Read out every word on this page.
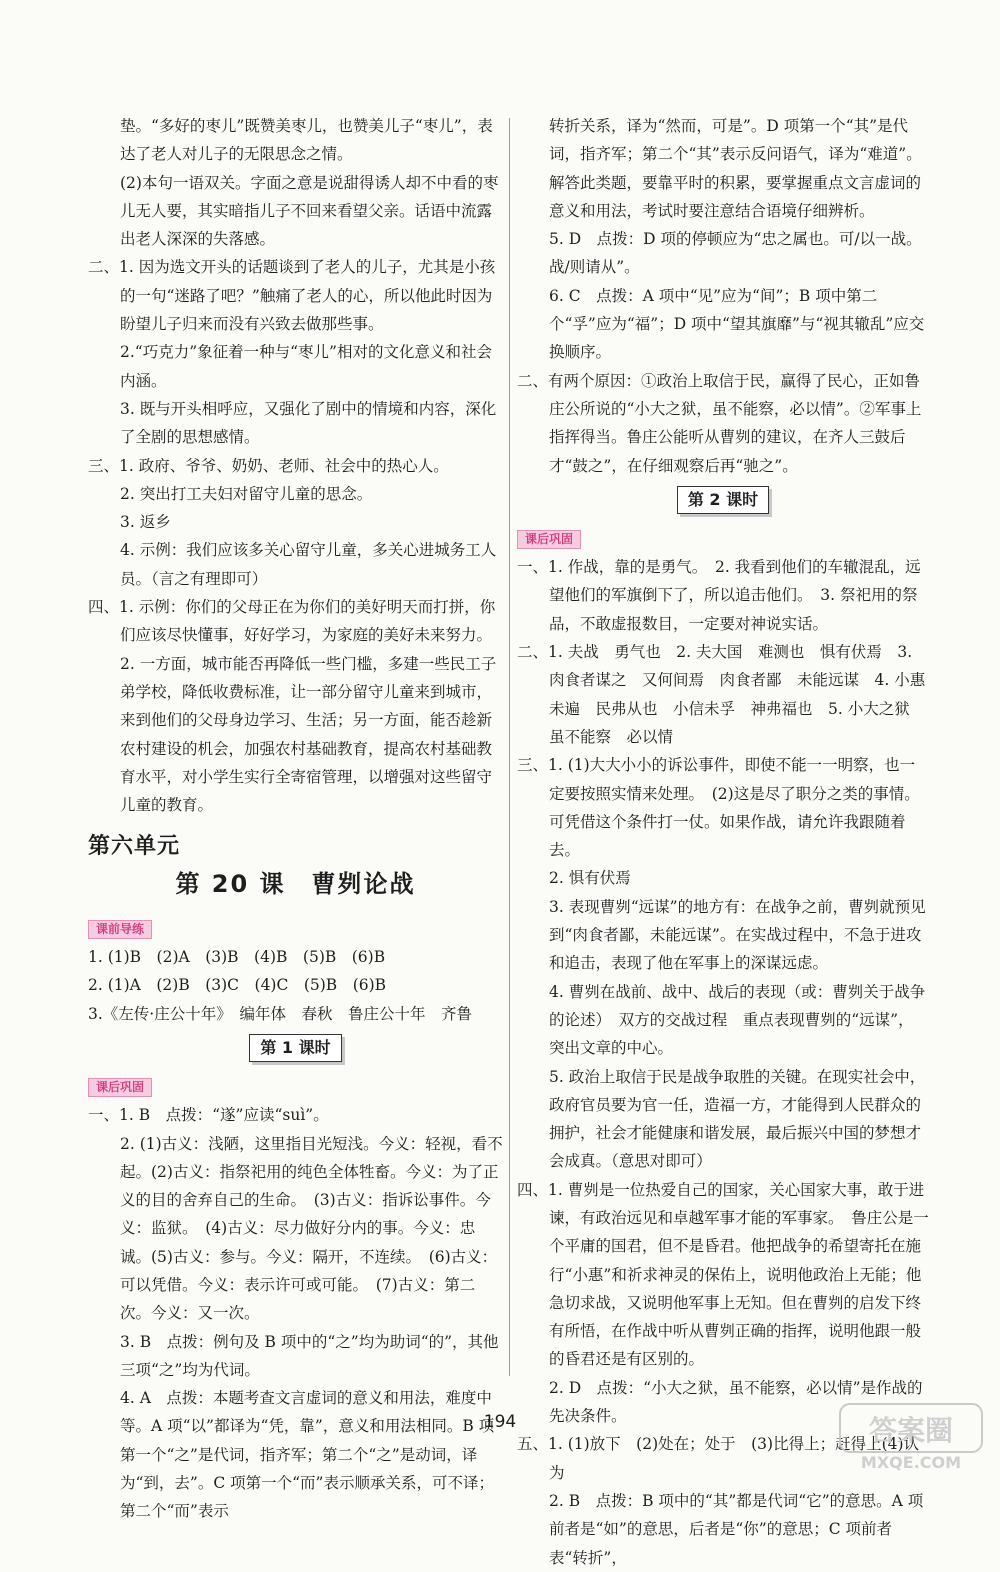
垫。“多好的枣儿”既赞美枣儿，也赞美儿子“枣儿”，表达了老人对儿子的无限思念之情。

(2)本句一语双关。字面之意是说甜得诱人却不中看的枣儿无人要，其实暗指儿子不回来看望父亲。话语中流露出老人深深的失落感。

二、1. 因为选文开头的话题谈到了老人的儿子，尤其是小孩的一句“迷路了吧？”触痛了老人的心，所以他此时因为盼望儿子归来而没有兴致去做那些事。

2.“巧克力”象征着一种与“枣儿”相对的文化意义和社会内涵。

3. 既与开头相呼应，又强化了剧中的情境和内容，深化了全剧的思想感情。

三、1. 政府、爷爷、奶奶、老师、社会中的热心人。

2. 突出打工夫妇对留守儿童的思念。

3. 返乡

4. 示例：我们应该多关心留守儿童，多关心进城务工人员。（言之有理即可）

四、1. 示例：你们的父母正在为你们的美好明天而打拼，你们应该尽快懂事，好好学习，为家庭的美好未来努力。

2. 一方面，城市能否再降低一些门槛，多建一些民工子弟学校，降低收费标准，让一部分留守儿童来到城市，来到他们的父母身边学习、生活；另一方面，能否趁新农村建设的机会，加强农村基础教育，提高农村基础教育水平，对小学生实行全寄宿管理，以增强对这些留守儿童的教育。

第六单元
第 20 课　曹刿论战
课前导练

1. (1)B　(2)A　(3)B　(4)B　(5)B　(6)B

2. (1)A　(2)B　(3)C　(4)C　(5)B　(6)B

3.《左传·庄公十年》　编年体　春秋　鲁庄公十年　齐鲁

第 1 课时
课后巩固

一、1. B　点拨：“遂”应读“suì”。

2. (1)古义：浅陋，这里指目光短浅。今义：轻视，看不起。(2)古义：指祭祀用的纯色全体牲畜。今义：为了正义的目的舍弃自己的生命。　(3)古义：指诉讼事件。今义：监狱。　(4)古义：尽力做好分内的事。今义：忠诚。(5)古义：参与。今义：隔开，不连续。　(6)古义：可以凭借。今义：表示许可或可能。　(7)古义：第二次。今义：又一次。

3. B　点拨：例句及 B 项中的“之”均为助词“的”，其他三项“之”均为代词。

4. A　点拨：本题考查文言虚词的意义和用法，难度中等。A 项“以”都译为“凭，靠”，意义和用法相同。B 项第一个“之”是代词，指齐军；第二个“之”是动词，译为“到，去”。C 项第一个“而”表示顺承关系，可不译；第二个“而”表示

转折关系，译为“然而，可是”。D 项第一个“其”是代词，指齐军；第二个“其”表示反问语气，译为“难道”。解答此类题，要靠平时的积累，要掌握重点文言虚词的意义和用法，考试时要注意结合语境仔细辨析。

5. D　点拨：D 项的停顿应为“忠之属也。可/以一战。战/则请从”。

6. C　点拨：A 项中“见”应为“间”；B 项中第二个“孚”应为“福”；D 项中“望其旗靡”与“视其辙乱”应交换顺序。

二、有两个原因：①政治上取信于民，赢得了民心，正如鲁庄公所说的“小大之狱，虽不能察，必以情”。②军事上指挥得当。鲁庄公能听从曹刿的建议，在齐人三鼓后才“鼓之”，在仔细观察后再“驰之”。

第 2 课时
课后巩固

一、1. 作战，靠的是勇气。　2. 我看到他们的车辙混乱，远望他们的军旗倒下了，所以追击他们。　3. 祭祀用的祭品，不敢虚报数目，一定要对神说实话。

二、1. 夫战　勇气也　2. 夫大国　难测也　惧有伏焉　3. 肉食者谋之　又何间焉　肉食者鄙　未能远谋　4. 小惠未遍　民弗从也　小信未孚　神弗福也　5. 小大之狱　虽不能察　必以情

三、1. (1)大大小小的诉讼事件，即使不能一一明察，也一定要按照实情来处理。　(2)这是尽了职分之类的事情。可凭借这个条件打一仗。如果作战，请允许我跟随着去。

2. 惧有伏焉

3. 表现曹刿“远谋”的地方有：在战争之前，曹刿就预见到“肉食者鄙，未能远谋”。在实战过程中，不急于进攻和追击，表现了他在军事上的深谋远虑。

4. 曹刿在战前、战中、战后的表现（或：曹刿关于战争的论述）　双方的交战过程　重点表现曹刿的“远谋”，突出文章的中心。

5. 政治上取信于民是战争取胜的关键。在现实社会中，政府官员要为官一任，造福一方，才能得到人民群众的拥护，社会才能健康和谐发展，最后振兴中国的梦想才会成真。（意思对即可）

四、1. 曹刿是一位热爱自己的国家，关心国家大事，敢于进谏，有政治远见和卓越军事才能的军事家。　鲁庄公是一个平庸的国君，但不是昏君。他把战争的希望寄托在施行“小惠”和祈求神灵的保佑上，说明他政治上无能；他急切求战，又说明他军事上无知。但在曹刿的启发下终有所悟，在作战中听从曹刿正确的指挥，说明他跟一般的昏君还是有区别的。

2. D　点拨：“小大之狱，虽不能察，必以情”是作战的先决条件。

五、1. (1)放下　(2)处在；处于　(3)比得上；赶得上(4)认为

2. B　点拨：B 项中的“其”都是代词“它”的意思。A 项前者是“如”的意思，后者是“你”的意思；C 项前者表“转折”，

194	答案圈
MXQE.COM
